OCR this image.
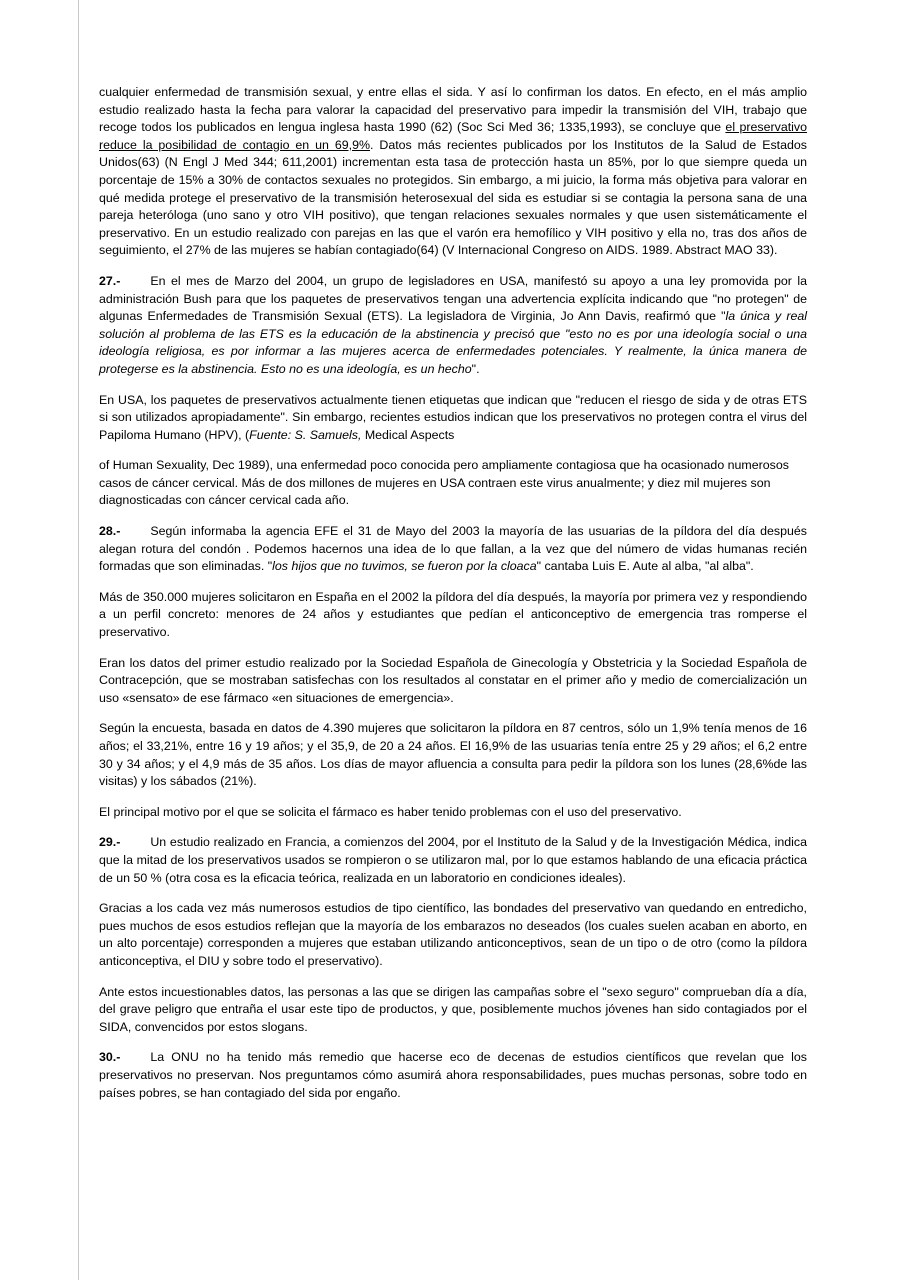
cualquier enfermedad de transmisión sexual, y entre ellas el sida. Y así lo confirman los datos. En efecto, en el más amplio estudio realizado hasta la fecha para valorar la capacidad del preservativo para impedir la transmisión del VIH, trabajo que recoge todos los publicados en lengua inglesa hasta 1990 (62) (Soc Sci Med 36; 1335,1993), se concluye que el preservativo reduce la posibilidad de contagio en un 69,9%. Datos más recientes publicados por los Institutos de la Salud de Estados Unidos(63) (N Engl J Med 344; 611,2001) incrementan esta tasa de protección hasta un 85%, por lo que siempre queda un porcentaje de 15% a 30% de contactos sexuales no protegidos. Sin embargo, a mi juicio, la forma más objetiva para valorar en qué medida protege el preservativo de la transmisión heterosexual del sida es estudiar si se contagia la persona sana de una pareja heteróloga (uno sano y otro VIH positivo), que tengan relaciones sexuales normales y que usen sistemáticamente el preservativo. En un estudio realizado con parejas en las que el varón era hemofílico y VIH positivo y ella no, tras dos años de seguimiento, el 27% de las mujeres se habían contagiado(64) (V Internacional Congreso on AIDS. 1989. Abstract MAO 33).

27.- En el mes de Marzo del 2004, un grupo de legisladores en USA, manifestó su apoyo a una ley promovida por la administración Bush para que los paquetes de preservativos tengan una advertencia explícita indicando que "no protegen" de algunas Enfermedades de Transmisión Sexual (ETS). La legisladora de Virginia, Jo Ann Davis, reafirmó que "la única y real solución al problema de las ETS es la educación de la abstinencia y precisó que "esto no es por una ideología social o una ideología religiosa, es por informar a las mujeres acerca de enfermedades potenciales. Y realmente, la única manera de protegerse es la abstinencia. Esto no es una ideología, es un hecho".

En USA, los paquetes de preservativos actualmente tienen etiquetas que indican que "reducen el riesgo de sida y de otras ETS si son utilizados apropiadamente". Sin embargo, recientes estudios indican que los preservativos no protegen contra el virus del Papiloma Humano (HPV), (Fuente: S. Samuels, Medical Aspects

of Human Sexuality, Dec 1989), una enfermedad poco conocida pero ampliamente contagiosa que ha ocasionado numerosos casos de cáncer cervical. Más de dos millones de mujeres en USA contraen este virus anualmente; y diez mil mujeres son diagnosticadas con cáncer cervical cada año.

28.- Según informaba la agencia EFE el 31 de Mayo del 2003 la mayoría de las usuarias de la píldora del día después alegan rotura del condón . Podemos hacernos una idea de lo que fallan, a la vez que del número de vidas humanas recién formadas que son eliminadas. "los hijos que no tuvimos, se fueron por la cloaca" cantaba Luis E. Aute al alba, "al alba".

Más de 350.000 mujeres solicitaron en España en el 2002 la píldora del día después, la mayoría por primera vez y respondiendo a un perfil concreto: menores de 24 años y estudiantes que pedían el anticonceptivo de emergencia tras romperse el preservativo.

Eran los datos del primer estudio realizado por la Sociedad Española de Ginecología y Obstetricia y la Sociedad Española de Contracepción, que se mostraban satisfechas con los resultados al constatar en el primer año y medio de comercialización un uso «sensato» de ese fármaco «en situaciones de emergencia».

Según la encuesta, basada en datos de 4.390 mujeres que solicitaron la píldora en 87 centros, sólo un 1,9% tenía menos de 16 años; el 33,21%, entre 16 y 19 años; y el 35,9, de 20 a 24 años. El 16,9% de las usuarias tenía entre 25 y 29 años; el 6,2 entre 30 y 34 años; y el 4,9 más de 35 años. Los días de mayor afluencia a consulta para pedir la píldora son los lunes (28,6%de las visitas) y los sábados (21%).

El principal motivo por el que se solicita el fármaco es haber tenido problemas con el uso del preservativo.

29.- Un estudio realizado en Francia, a comienzos del 2004, por el Instituto de la Salud y de la Investigación Médica, indica que la mitad de los preservativos usados se rompieron o se utilizaron mal, por lo que estamos hablando de una eficacia práctica de un 50 % (otra cosa es la eficacia teórica, realizada en un laboratorio en condiciones ideales).

Gracias a los cada vez más numerosos estudios de tipo científico, las bondades del preservativo van quedando en entredicho, pues muchos de esos estudios reflejan que la mayoría de los embarazos no deseados (los cuales suelen acaban en aborto, en un alto porcentaje) corresponden a mujeres que estaban utilizando anticonceptivos, sean de un tipo o de otro (como la píldora anticonceptiva, el DIU y sobre todo el preservativo).

Ante estos incuestionables datos, las personas a las que se dirigen las campañas sobre el "sexo seguro" comprueban día a día, del grave peligro que entraña el usar este tipo de productos, y que, posiblemente muchos jóvenes han sido contagiados por el SIDA, convencidos por estos slogans.

30.- La ONU no ha tenido más remedio que hacerse eco de decenas de estudios científicos que revelan que los preservativos no preservan. Nos preguntamos cómo asumirá ahora responsabilidades, pues muchas personas, sobre todo en países pobres, se han contagiado del sida por engaño.
